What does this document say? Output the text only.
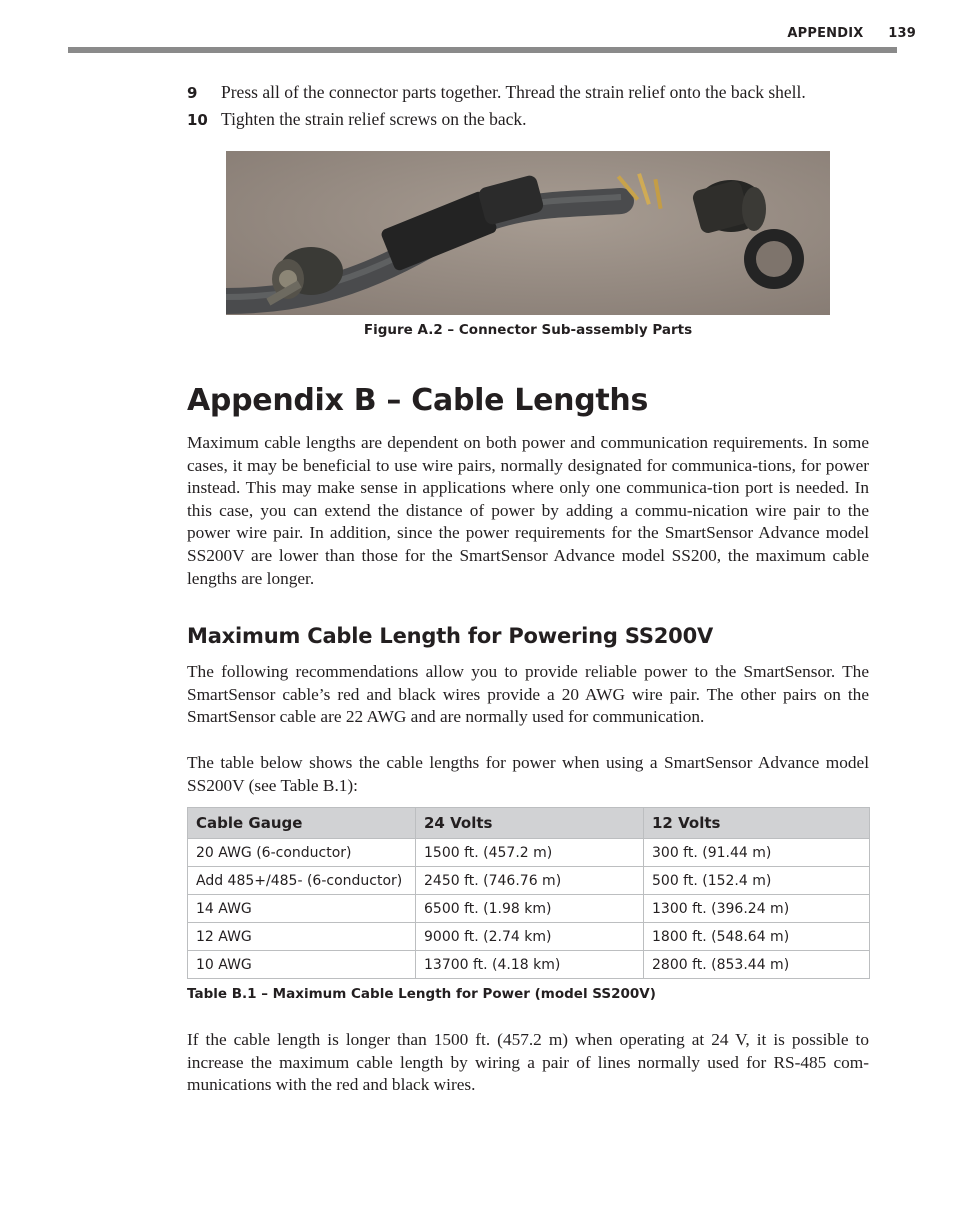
APPENDIX 139
9 Press all of the connector parts together. Thread the strain relief onto the back shell.
10 Tighten the strain relief screws on the back.
Figure A.2 – Connector Sub-assembly Parts
Appendix B – Cable Lengths

Maximum cable lengths are dependent on both power and communication requirements. In some cases, it may be beneficial to use wire pairs, normally designated for communica-tions, for power instead. This may make sense in applications where only one communica-tion port is needed. In this case, you can extend the distance of power by adding a commu-nication wire pair to the power wire pair. In addition, since the power requirements for the SmartSensor Advance model SS200V are lower than those for the SmartSensor Advance model SS200, the maximum cable lengths are longer.

Maximum Cable Length for Powering SS200V

The following recommendations allow you to provide reliable power to the SmartSensor. The SmartSensor cable’s red and black wires provide a 20 AWG wire pair. The other pairs on the SmartSensor cable are 22 AWG and are normally used for communication.

The table below shows the cable lengths for power when using a SmartSensor Advance model SS200V (see Table B.1):

Cable Gauge	24 Volts	12 Volts
20 AWG (6-conductor)	1500 ft. (457.2 m)	300 ft. (91.44 m)
Add 485+/485- (6-conductor)	2450 ft. (746.76 m)	500 ft. (152.4 m)
14 AWG	6500 ft. (1.98 km)	1300 ft. (396.24 m)
12 AWG	9000 ft. (2.74 km)	1800 ft. (548.64 m)
10 AWG	13700 ft. (4.18 km)	2800 ft. (853.44 m)
Table B.1 – Maximum Cable Length for Power (model SS200V)

If the cable length is longer than 1500 ft. (457.2 m) when operating at 24 V, it is possible to increase the maximum cable length by wiring a pair of lines normally used for RS-485 com-munications with the red and black wires.
